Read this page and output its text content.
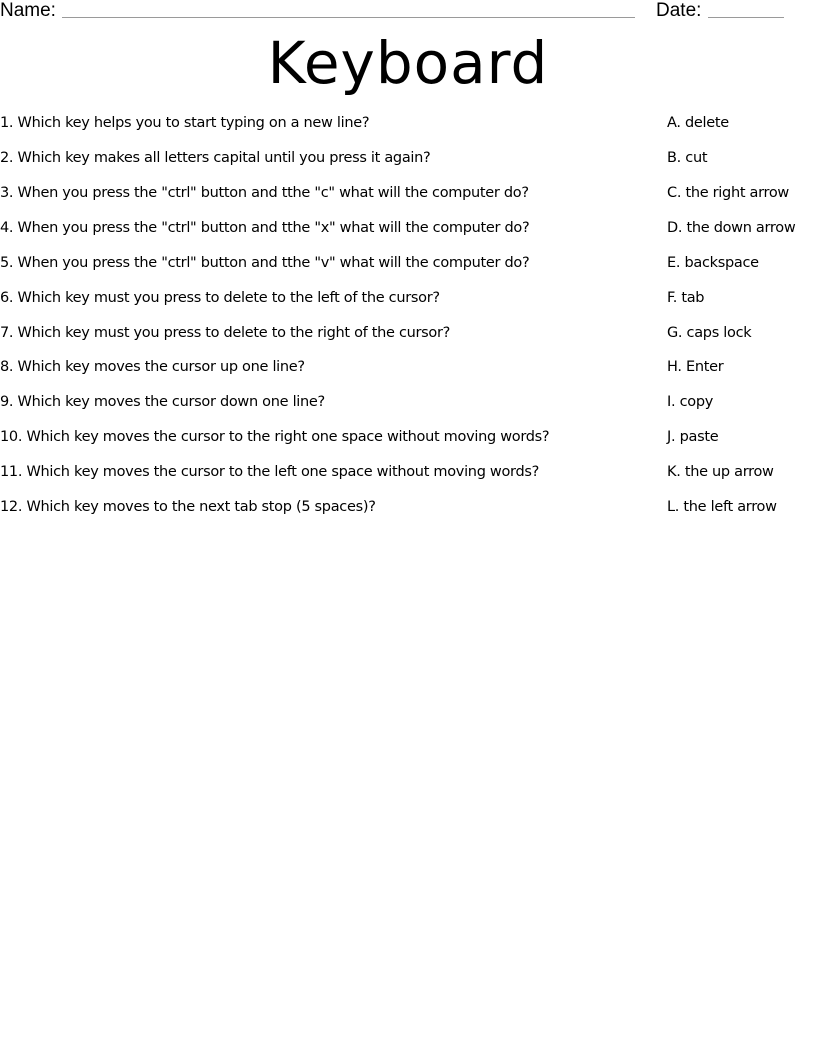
Name:	Date:
Keyboard
1. Which key helps you to start typing on a new line?	A. delete
2. Which key makes all letters capital until you press it again?	B. cut
3. When you press the "ctrl" button and tthe "c" what will the computer do?	C. the right arrow
4. When you press the "ctrl" button and tthe "x" what will the computer do?	D. the down arrow
5. When you press the "ctrl" button and tthe "v" what will the computer do?	E. backspace
6. Which key must you press to delete to the left of the cursor?	F. tab
7. Which key must you press to delete to the right of the cursor?	G. caps lock
8. Which key moves the cursor up one line?	H. Enter
9. Which key moves the cursor down one line?	I. copy
10. Which key moves the cursor to the right one space without moving words?	J. paste
11. Which key moves the cursor to the left one space without moving words?	K. the up arrow
12. Which key moves to the next tab stop (5 spaces)?	L. the left arrow
